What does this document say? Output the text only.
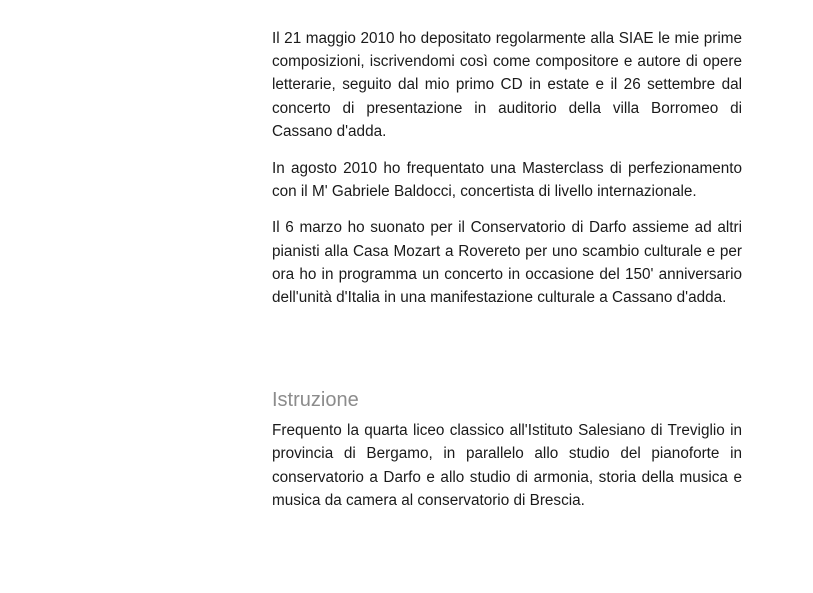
Il 21 maggio 2010 ho depositato regolarmente alla SIAE le mie prime composizioni, iscrivendomi così come compositore e autore di opere letterarie, seguito dal mio primo CD in estate e il 26 settembre dal concerto di presentazione in auditorio della villa Borromeo di Cassano d'adda.

In agosto 2010 ho frequentato una Masterclass di perfezionamento con il M' Gabriele Baldocci, concertista di livello internazionale.

Il 6 marzo ho suonato per il Conservatorio di Darfo assieme ad altri pianisti alla Casa Mozart a Rovereto per uno scambio culturale e per ora ho in programma un concerto in occasione del 150' anniversario dell'unità d'Italia in una manifestazione culturale a Cassano d'adda.

Istruzione

Frequento la quarta liceo classico all'Istituto Salesiano di Treviglio in provincia di Bergamo, in parallelo allo studio del pianoforte in conservatorio a Darfo e allo studio di armonia, storia della musica e musica da camera al conservatorio di Brescia.
